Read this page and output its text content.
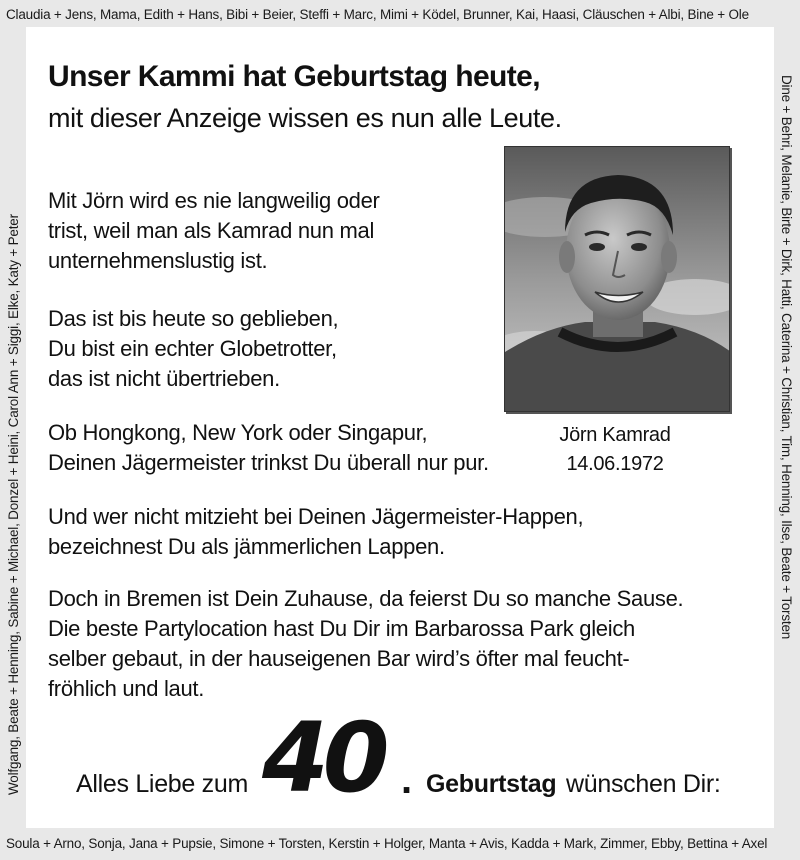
Claudia + Jens, Mama, Edith + Hans, Bibi + Beier, Steffi + Marc, Mimi + Ködel, Brunner, Kai, Haasi, Cläuschen + Albi, Bine + Ole
Dine + Behri, Melanie, Birte + Dirk, Hatti, Caterina + Christian, Tim, Henning, Ilse, Beate + Torsten
Soula + Arno, Sonja, Jana + Pupsie, Simone + Torsten, Kerstin + Holger, Manta + Avis, Kadda + Mark, Zimmer, Ebby, Bettina + Axel
Wolfgang, Beate + Henning, Sabine + Michael, Donzel + Heini, Carol Ann + Siggi, Elke, Katy + Peter
Unser Kammi hat Geburtstag heute,
mit dieser Anzeige wissen es nun alle Leute.
Jörn Kamrad
14.06.1972
Mit Jörn wird es nie langweilig oder
trist, weil man als Kamrad nun mal
unternehmenslustig ist.
Das ist bis heute so geblieben,
Du bist ein echter Globetrotter,
das ist nicht übertrieben.
Ob Hongkong, New York oder Singapur,
Deinen Jägermeister trinkst Du überall nur pur.
Und wer nicht mitzieht bei Deinen Jägermeister-Happen,
bezeichnest Du als jämmerlichen Lappen.
Doch in Bremen ist Dein Zuhause, da feierst Du so manche Sause.
Die beste Partylocation hast Du Dir im Barbarossa Park gleich
selber gebaut, in der hauseigenen Bar wird’s öfter mal feucht-
fröhlich und laut.
Alles Liebe zum 40 . Geburtstag wünschen Dir:
